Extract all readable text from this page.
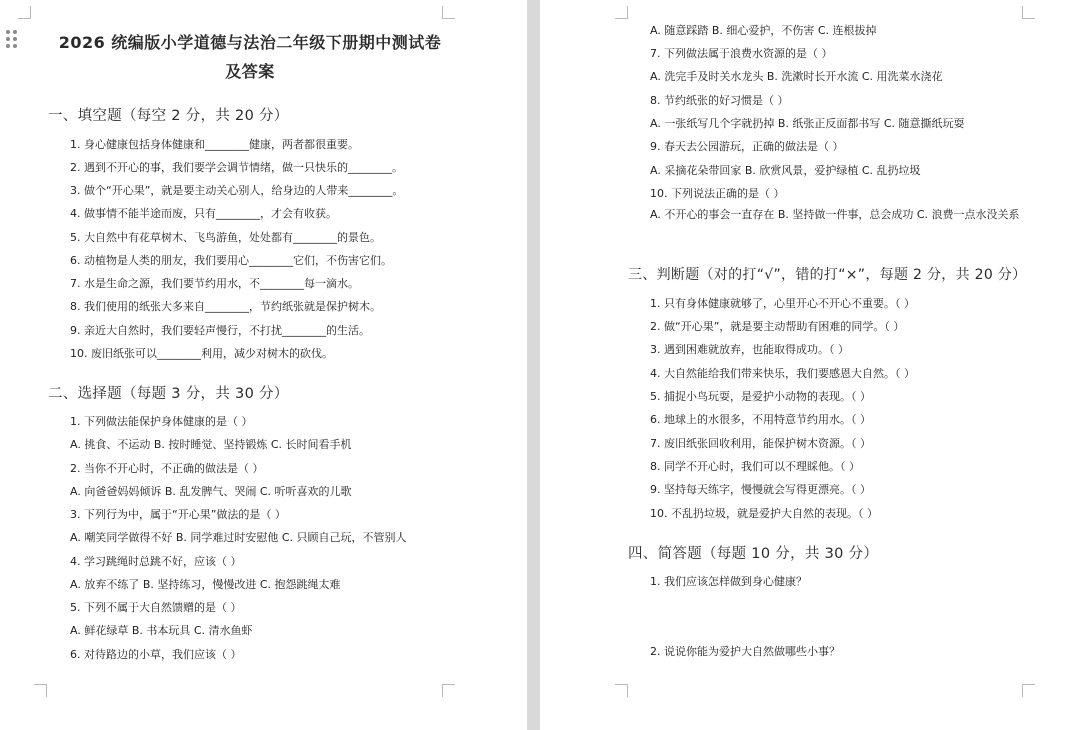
2026 统编版小学道德与法治二年级下册期中测试卷
及答案
一、填空题（每空 2 分，共 20 分）
1. 身心健康包括身体健康和________健康，两者都很重要。
2. 遇到不开心的事，我们要学会调节情绪，做一只快乐的________。
3. 做个“开心果”，就是要主动关心别人，给身边的人带来________。
4. 做事情不能半途而废，只有________，才会有收获。
5. 大自然中有花草树木、飞鸟游鱼，处处都有________的景色。
6. 动植物是人类的朋友，我们要用心________它们，不伤害它们。
7. 水是生命之源，我们要节约用水，不________每一滴水。
8. 我们使用的纸张大多来自________，节约纸张就是保护树木。
9. 亲近大自然时，我们要轻声慢行，不打扰________的生活。
10. 废旧纸张可以________利用，减少对树木的砍伐。
二、选择题（每题 3 分，共 30 分）
1. 下列做法能保护身体健康的是（ ）
A. 挑食、不运动 B. 按时睡觉、坚持锻炼 C. 长时间看手机
2. 当你不开心时，不正确的做法是（ ）
A. 向爸爸妈妈倾诉 B. 乱发脾气、哭闹 C. 听听喜欢的儿歌
3. 下列行为中，属于“开心果”做法的是（ ）
A. 嘲笑同学做得不好 B. 同学难过时安慰他 C. 只顾自己玩，不管别人
4. 学习跳绳时总跳不好，应该（ ）
A. 放弃不练了 B. 坚持练习，慢慢改进 C. 抱怨跳绳太难
5. 下列不属于大自然馈赠的是（ ）
A. 鲜花绿草 B. 书本玩具 C. 清水鱼虾
6. 对待路边的小草，我们应该（ ）
A. 随意踩踏 B. 细心爱护，不伤害 C. 连根拔掉
7. 下列做法属于浪费水资源的是（ ）
A. 洗完手及时关水龙头 B. 洗漱时长开水流 C. 用洗菜水浇花
8. 节约纸张的好习惯是（ ）
A. 一张纸写几个字就扔掉 B. 纸张正反面都书写 C. 随意撕纸玩耍
9. 春天去公园游玩，正确的做法是（ ）
A. 采摘花朵带回家 B. 欣赏风景，爱护绿植 C. 乱扔垃圾
10. 下列说法正确的是（ ）
A. 不开心的事会一直存在 B. 坚持做一件事，总会成功 C. 浪费一点水没关系
三、判断题（对的打“√”，错的打“×”，每题 2 分，共 20 分）
1. 只有身体健康就够了，心里开心不开心不重要。（ ）
2. 做“开心果”，就是要主动帮助有困难的同学。（ ）
3. 遇到困难就放弃，也能取得成功。（ ）
4. 大自然能给我们带来快乐，我们要感恩大自然。（ ）
5. 捕捉小鸟玩耍，是爱护小动物的表现。（ ）
6. 地球上的水很多，不用特意节约用水。（ ）
7. 废旧纸张回收利用，能保护树木资源。（ ）
8. 同学不开心时，我们可以不理睬他。（ ）
9. 坚持每天练字，慢慢就会写得更漂亮。（ ）
10. 不乱扔垃圾，就是爱护大自然的表现。（ ）
四、简答题（每题 10 分，共 30 分）
1. 我们应该怎样做到身心健康？
2. 说说你能为爱护大自然做哪些小事？
